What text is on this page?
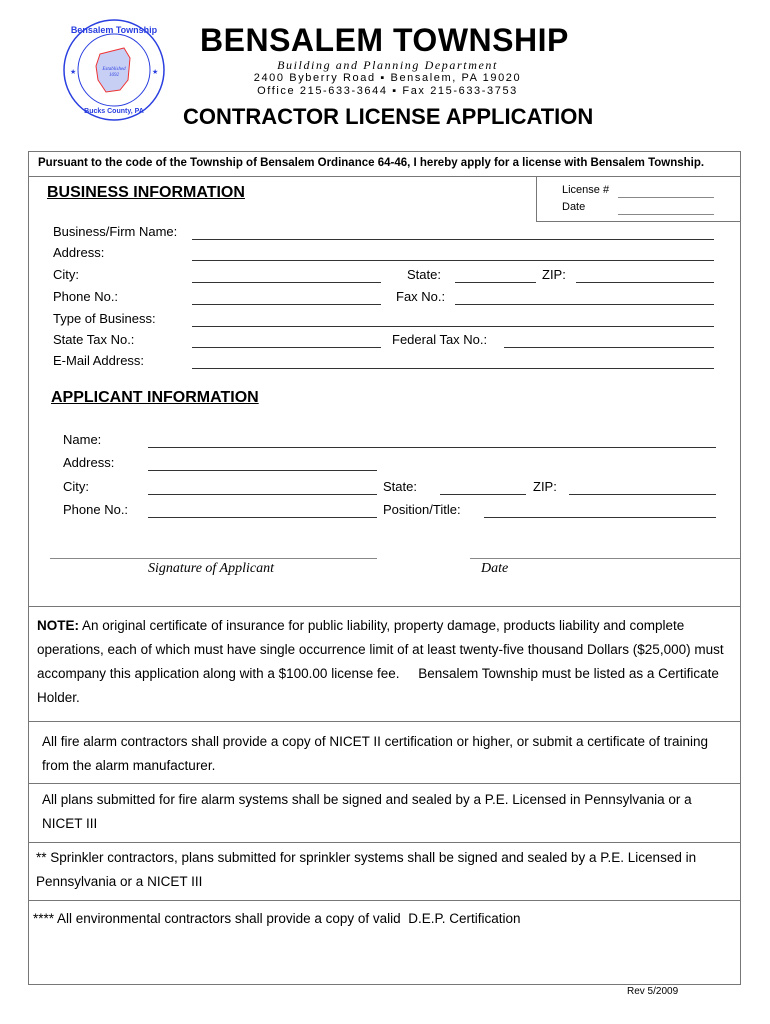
Bensalem Township
Established
1692
Bucks County, PA
★	★
BENSALEM TOWNSHIP
Building and Planning Department
2400 Byberry Road ▪ Bensalem, PA 19020
Office 215-633-3644 ▪ Fax 215-633-3753
CONTRACTOR LICENSE APPLICATION
Pursuant to the code of the Township of Bensalem Ordinance 64-46, I hereby apply for a license with Bensalem Township.
BUSINESS INFORMATION	License #
Date
Business/Firm Name:
Address:
City:	State:	ZIP:
Phone No.:	Fax No.:
Type of Business:
State Tax No.:	Federal Tax No.:
E-Mail Address:
APPLICANT INFORMATION
Name:
Address:
City:	State:	ZIP:
Phone No.:	Position/Title:
Signature of Applicant	Date
NOTE: An original certificate of insurance for public liability, property damage, products liability and complete operations, each of which must have single occurrence limit of at least twenty-five thousand Dollars ($25,000) must accompany this application along with a $100.00 license fee.     Bensalem Township must be listed as a Certificate Holder.
All fire alarm contractors shall provide a copy of NICET II certification or higher, or submit a certificate of training from the alarm manufacturer.
All plans submitted for fire alarm systems shall be signed and sealed by a P.E. Licensed in Pennsylvania or a NICET III
** Sprinkler contractors, plans submitted for sprinkler systems shall be signed and sealed by a P.E. Licensed in Pennsylvania or a NICET III
**** All environmental contractors shall provide a copy of valid  D.E.P. Certification
Rev 5/2009
